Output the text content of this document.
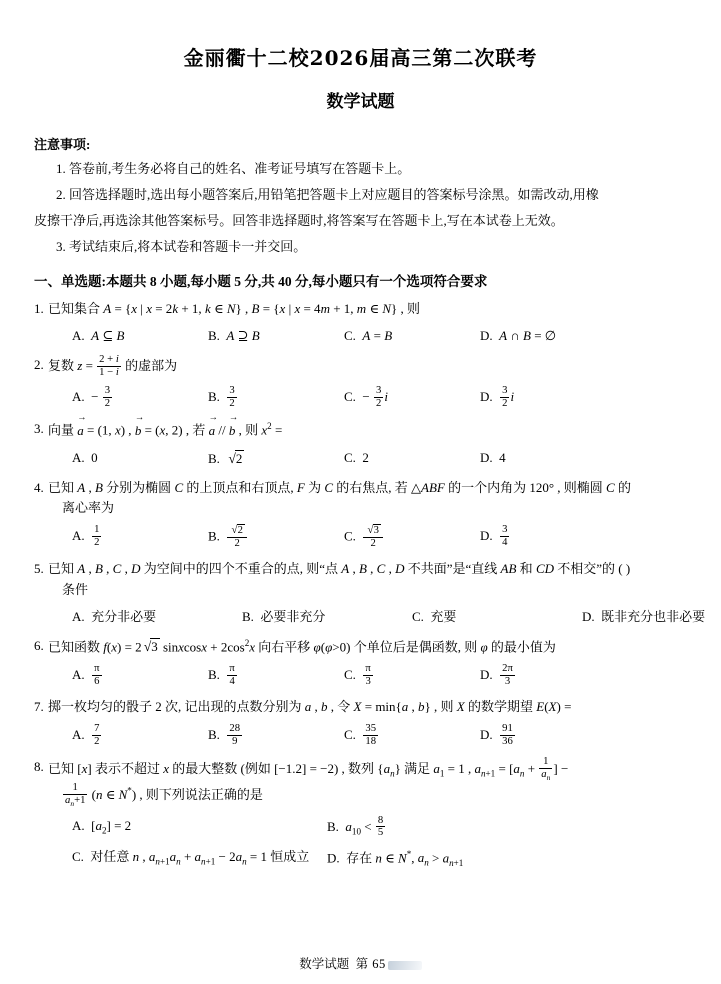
金丽衢十二校2026届高三第二次联考
数学试题
注意事项:
1. 答卷前,考生务必将自己的姓名、准考证号填写在答题卡上。
2. 回答选择题时,选出每小题答案后,用铅笔把答题卡上对应题目的答案标号涂黑。如需改动,用橡
皮擦干净后,再选涂其他答案标号。回答非选择题时,将答案写在答题卡上,写在本试卷上无效。
3. 考试结束后,将本试卷和答题卡一并交回。
一、单选题:本题共 8 小题,每小题 5 分,共 40 分,每小题只有一个选项符合要求
1. 已知集合 A = {x | x = 2k + 1, k ∈ N} , B = {x | x = 4m + 1, m ∈ N} , 则
A.  A ⊆ B	B.  A ⊇ B	C.  A = B	D.  A ∩ B = ∅
2. 复数 $z = \frac{2 + i}{1 - i}$ 的虚部为
A.  − $\frac{3}{2}$	B. $\frac{3}{2}$	C.  − $\frac{3}{2}$ i	D. $\frac{3}{2}$ i
3. 向量 a → = (1, x) , b → = (x, 2) , 若 a → // b → , 则 $x^2$ =
A.  0	B.  √2	C.  2	D.  4
4. 已知 A , B 分别为椭圆 C 的上顶点和右顶点, F 为 C 的右焦点, 若 △ABF 的一个内角为 120° , 则椭圆 C 的
离心率为
A. $\frac{1}{2}$	B. $\frac{√2}{2}$	C. $\frac{√3}{2}$	D. $\frac{3}{4}$
5. 已知 A , B , C , D 为空间中的四个不重合的点, 则“点 A , B , C , D 不共面”是“直线 AB 和 CD 不相交”的 ( )
条件
A.  充分非必要	B.  必要非充分	C.  充要	D.  既非充分也非必要
6. 已知函数 f(x) = 2 √3 sinxcosx + $2\cos^2x$ 向右平移 φ(φ>0) 个单位后是偶函数, 则 φ 的最小值为
A. $\frac{\pi}{6}$	B. $\frac{\pi}{4}$	C. $\frac{\pi}{3}$	D. $\frac{2\pi}{3}$
7. 掷一枚均匀的骰子 2 次, 记出现的点数分别为 a , b , 令 X = min{a , b} , 则 X 的数学期望 E(X) =
A. $\frac{7}{2}$	B. $\frac{28}{9}$	C. $\frac{35}{18}$	D. $\frac{91}{36}$
8. 已知 [x] 表示不超过 x 的最大整数 (例如 [−1.2] = −2) , 数列 $\{a_n\}$ 满足 $a_1 = 1$ , $a_{n+1} = [a_n + \frac{1}{a_n}$ ] −
$\frac{1}{a_n+1} (n$ ∈ N*) , 则下列说法正确的是
A.  $[a_2] = 2$	B.  $a_{10} < \frac{8}{5}$
C.  对任意 n , $a_{n+1}a_n + a_{n+1} - 2a_n = 1$ 恒成立	D.  存在 n ∈ N*, $a_n > a_{n+1}$
数学试题 第 65
